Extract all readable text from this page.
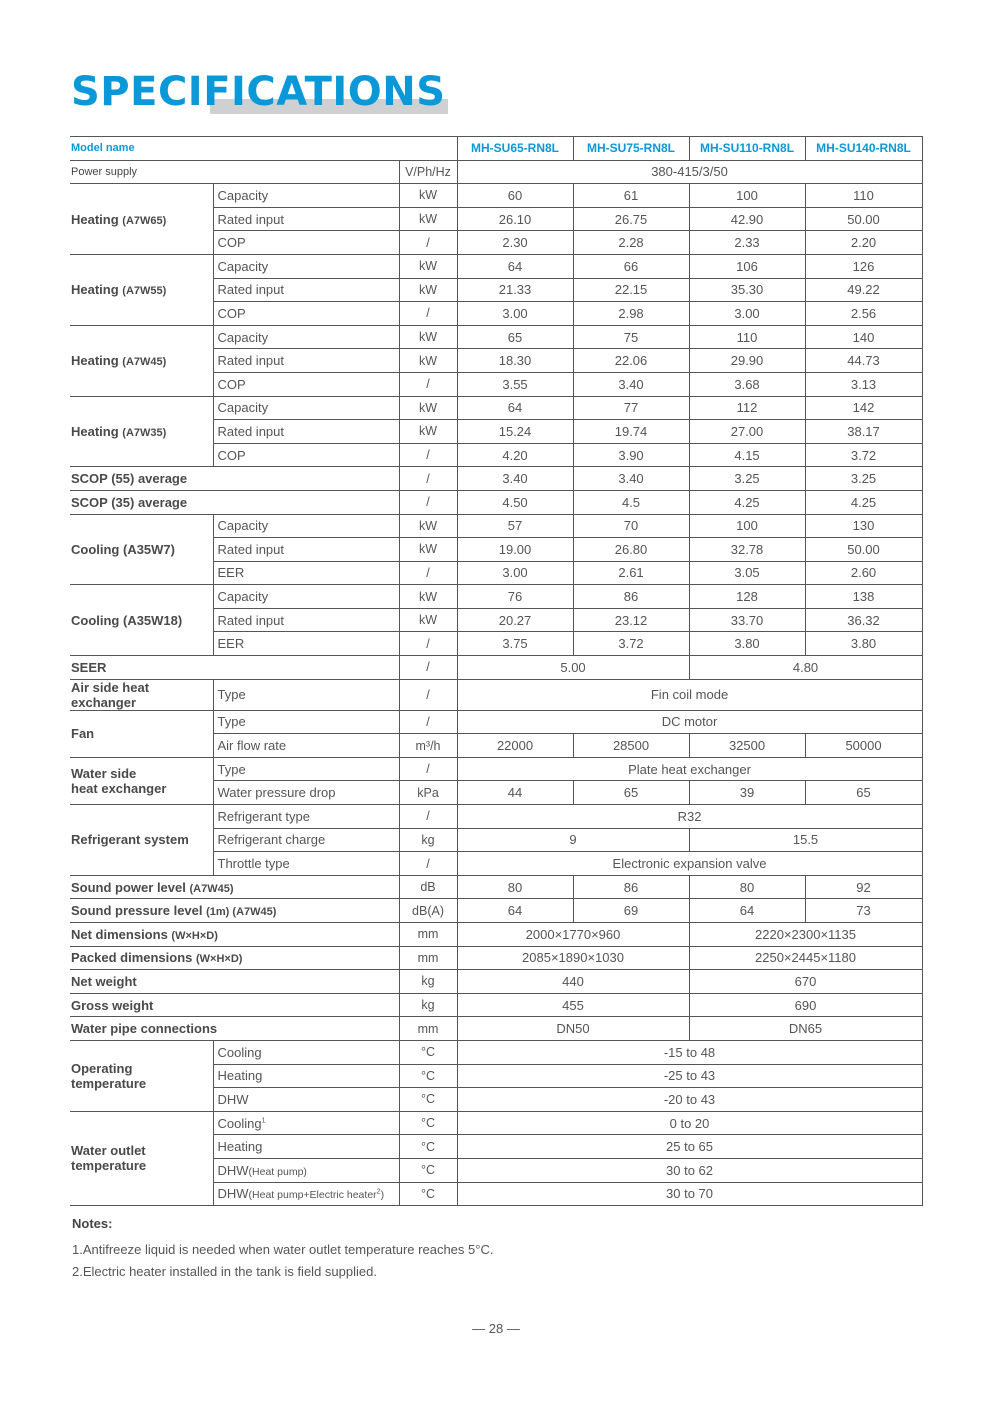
SPECIFICATIONS
Model name			MH-SU65-RN8L	MH-SU75-RN8L	MH-SU110-RN8L	MH-SU140-RN8L
Power supply		V/Ph/Hz	380-415/3/50			
Heating (A7W65)	Capacity	kW	60	61	100	110
	Rated input	kW	26.10	26.75	42.90	50.00
	COP	/	2.30	2.28	2.33	2.20
Heating (A7W55)	Capacity	kW	64	66	106	126
	Rated input	kW	21.33	22.15	35.30	49.22
	COP	/	3.00	2.98	3.00	2.56
Heating (A7W45)	Capacity	kW	65	75	110	140
	Rated input	kW	18.30	22.06	29.90	44.73
	COP	/	3.55	3.40	3.68	3.13
Heating (A7W35)	Capacity	kW	64	77	112	142
	Rated input	kW	15.24	19.74	27.00	38.17
	COP	/	4.20	3.90	4.15	3.72
SCOP (55) average		/	3.40	3.40	3.25	3.25
SCOP (35) average		/	4.50	4.5	4.25	4.25
Cooling (A35W7)	Capacity	kW	57	70	100	130
	Rated input	kW	19.00	26.80	32.78	50.00
	EER	/	3.00	2.61	3.05	2.60
Cooling (A35W18)	Capacity	kW	76	86	128	138
	Rated input	kW	20.27	23.12	33.70	36.32
	EER	/	3.75	3.72	3.80	3.80
SEER		/	5.00		4.80	
Air side heat exchanger	Type	/	Fin coil mode			
Fan	Type	/	DC motor			
	Air flow rate	m³/h	22000	28500	32500	50000
Water side
heat exchanger	Type	/	Plate heat exchanger			
	Water pressure drop	kPa	44	65	39	65
Refrigerant system	Refrigerant type	/	R32			
	Refrigerant charge	kg	9		15.5	
	Throttle type	/	Electronic expansion valve			
Sound power level (A7W45)		dB	80	86	80	92
Sound pressure level (1m) (A7W45)		dB(A)	64	69	64	73
Net dimensions (W×H×D)		mm	2000×1770×960		2220×2300×1135	
Packed dimensions (W×H×D)		mm	2085×1890×1030		2250×2445×1180	
Net weight		kg	440		670	
Gross weight		kg	455		690	
Water pipe connections		mm	DN50		DN65	
Operating
temperature	Cooling	°C	-15 to 48			
	Heating	°C	-25 to 43			
	DHW	°C	-20 to 43			
Water outlet
temperature	Cooling$^1$	°C	0 to 20			
	Heating	°C	25 to 65			
	DHW(Heat pump)	°C	30 to 62			
	DHW(Heat pump+Electric heater$^2$)	°C	30 to 70			
Notes:
1.Antifreeze liquid is needed when water outlet temperature reaches 5°C.
2.Electric heater installed in the tank is field supplied.
— 28 —
